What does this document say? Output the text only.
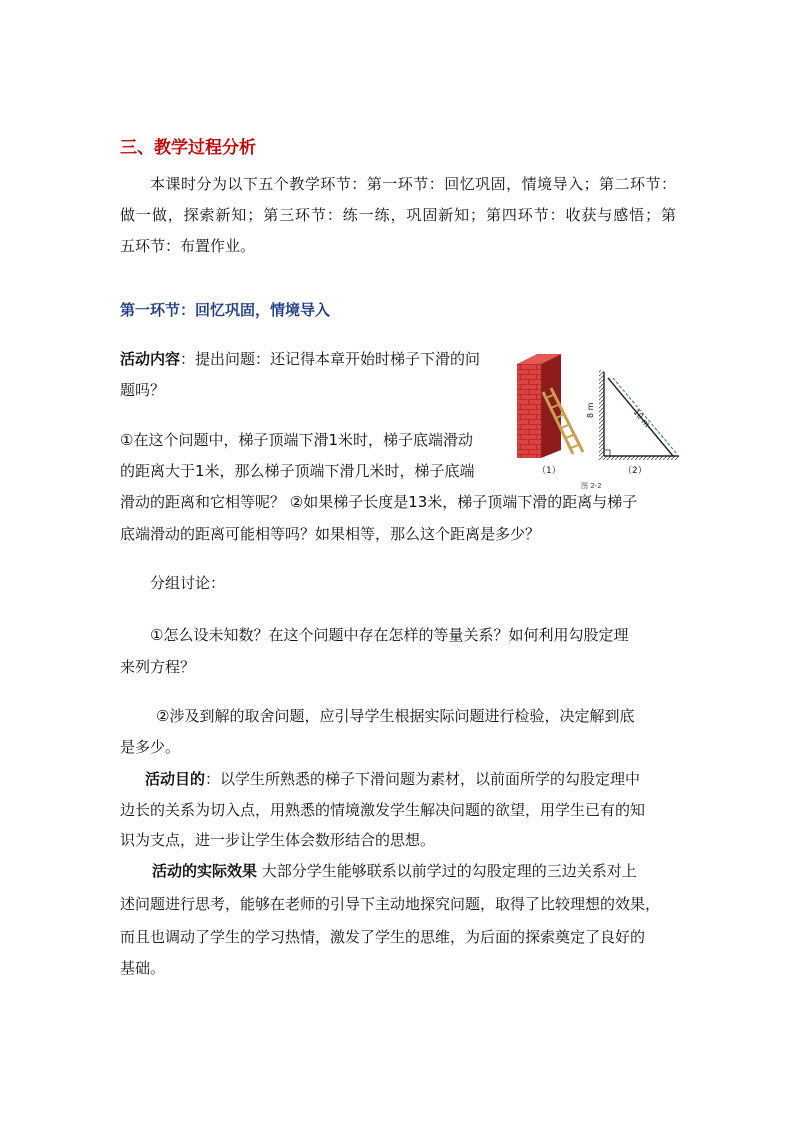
三、教学过程分析
本课时分为以下五个教学环节：第一环节：回忆巩固，情境导入；第二环节：
做一做，探索新知；第三环节：练一练，巩固新知；第四环节：收获与感悟；第
五环节：布置作业。
第一环节：回忆巩固，情境导入
活动内容：提出问题：还记得本章开始时梯子下滑的问
题吗？
①在这个问题中，梯子顶端下滑1米时，梯子底端滑动
的距离大于1米，那么梯子顶端下滑几米时，梯子底端
滑动的距离和它相等呢？ ②如果梯子长度是13米，梯子顶端下滑的距离与梯子
底端滑动的距离可能相等吗？如果相等，那么这个距离是多少？
8 m	10 m
（1）	（2）
图 2-2
分组讨论：
①怎么设未知数？在这个问题中存在怎样的等量关系？如何利用勾股定理
来列方程？
②涉及到解的取舍问题，应引导学生根据实际问题进行检验，决定解到底
是多少。
活动目的：以学生所熟悉的梯子下滑问题为素材，以前面所学的勾股定理中
边长的关系为切入点，用熟悉的情境激发学生解决问题的欲望，用学生已有的知
识为支点，进一步让学生体会数形结合的思想。
活动的实际效果 大部分学生能够联系以前学过的勾股定理的三边关系对上
述问题进行思考，能够在老师的引导下主动地探究问题，取得了比较理想的效果，
而且也调动了学生的学习热情，激发了学生的思维，为后面的探索奠定了良好的
基础。
